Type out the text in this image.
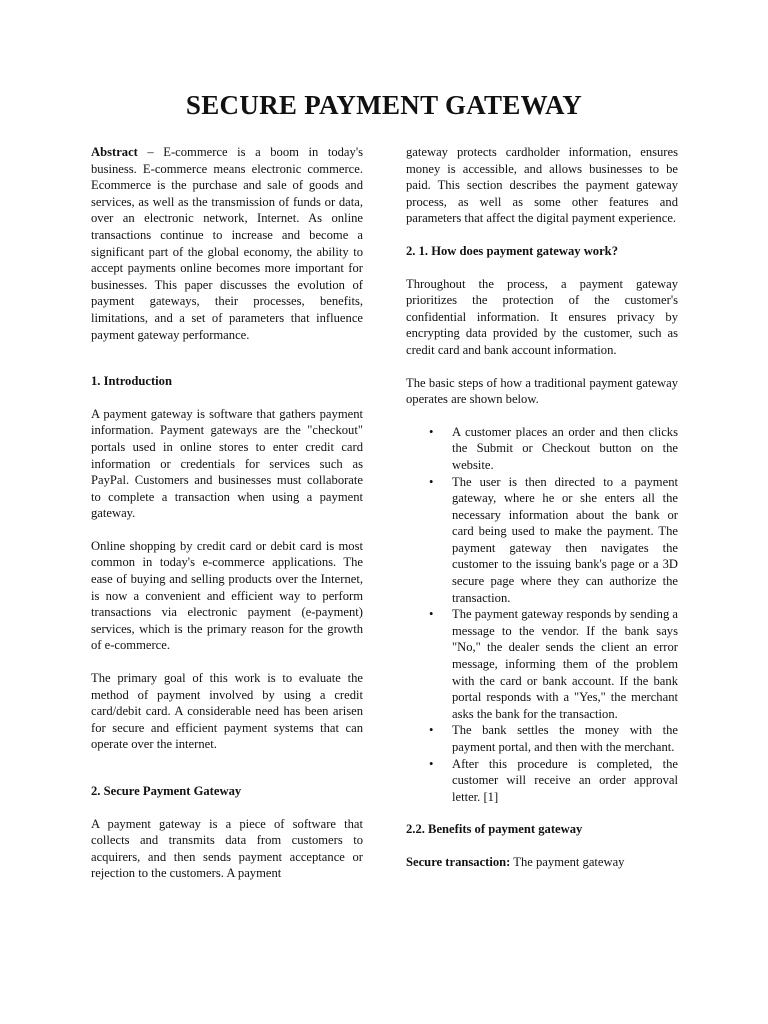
SECURE PAYMENT GATEWAY

Abstract – E-commerce is a boom in today's business. E-commerce means electronic commerce. Ecommerce is the purchase and sale of goods and services, as well as the transmission of funds or data, over an electronic network, Internet. As online transactions continue to increase and become a significant part of the global economy, the ability to accept payments online becomes more important for businesses. This paper discusses the evolution of payment gateways, their processes, benefits, limitations, and a set of parameters that influence payment gateway performance.

1. Introduction

A payment gateway is software that gathers payment information. Payment gateways are the "checkout" portals used in online stores to enter credit card information or credentials for services such as PayPal. Customers and businesses must collaborate to complete a transaction when using a payment gateway.

Online shopping by credit card or debit card is most common in today's e-commerce applications. The ease of buying and selling products over the Internet, is now a convenient and efficient way to perform transactions via electronic payment (e-payment) services, which is the primary reason for the growth of e-commerce.

The primary goal of this work is to evaluate the method of payment involved by using a credit card/debit card. A considerable need has been arisen for secure and efficient payment systems that can operate over the internet.

2. Secure Payment Gateway

A payment gateway is a piece of software that collects and transmits data from customers to acquirers, and then sends payment acceptance or rejection to the customers. A payment

gateway protects cardholder information, ensures money is accessible, and allows businesses to be paid. This section describes the payment gateway process, as well as some other features and parameters that affect the digital payment experience.

2. 1. How does payment gateway work?

Throughout the process, a payment gateway prioritizes the protection of the customer's confidential information. It ensures privacy by encrypting data provided by the customer, such as credit card and bank account information.

The basic steps of how a traditional payment gateway operates are shown below.

• A customer places an order and then clicks the Submit or Checkout button on the website.
• The user is then directed to a payment gateway, where he or she enters all the necessary information about the bank or card being used to make the payment. The payment gateway then navigates the customer to the issuing bank's page or a 3D secure page where they can authorize the transaction.
• The payment gateway responds by sending a message to the vendor. If the bank says "No," the dealer sends the client an error message, informing them of the problem with the card or bank account. If the bank portal responds with a "Yes," the merchant asks the bank for the transaction.
• The bank settles the money with the payment portal, and then with the merchant.
• After this procedure is completed, the customer will receive an order approval letter. [1]
2.2. Benefits of payment gateway

Secure transaction: The payment gateway
